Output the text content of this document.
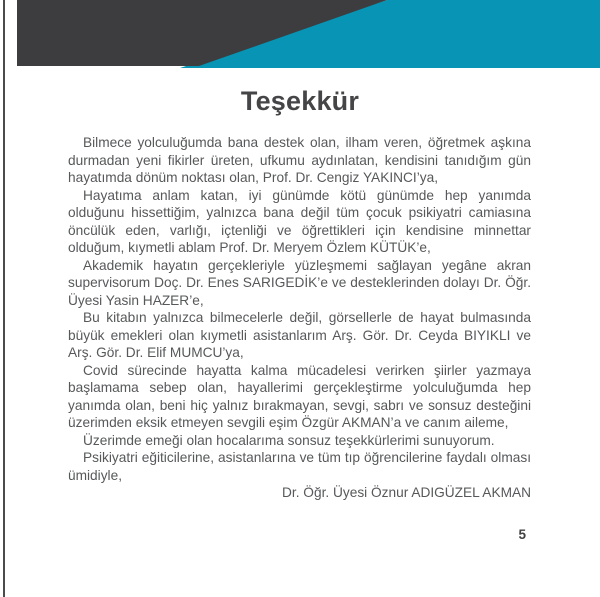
Teşekkür

Bilmece yolculuğumda bana destek olan, ilham veren, öğretmek aşkına durmadan yeni fikirler üreten, ufkumu aydınlatan, kendisini tanıdığım gün hayatımda dönüm noktası olan, Prof. Dr. Cengiz YAKINCI’ya,

Hayatıma anlam katan, iyi günümde kötü günümde hep yanımda olduğunu hissettiğim, yalnızca bana değil tüm çocuk psikiyatri camiasına öncülük eden, varlığı, içtenliği ve öğrettikleri için kendisine minnettar olduğum, kıymetli ablam Prof. Dr. Meryem Özlem KÜTÜK’e,

Akademik hayatın gerçekleriyle yüzleşmemi sağlayan yegâne akran supervisorum Doç. Dr. Enes SARIGEDİK’e ve desteklerinden dolayı Dr. Öğr. Üyesi Yasin HAZER’e,

Bu kitabın yalnızca bilmecelerle değil, görsellerle de hayat bulmasında büyük emekleri olan kıymetli asistanlarım Arş. Gör. Dr. Ceyda BIYIKLI ve Arş. Gör. Dr. Elif MUMCU’ya,

Covid sürecinde hayatta kalma mücadelesi verirken şiirler yazmaya başlamama sebep olan, hayallerimi gerçekleştirme yolculuğumda hep yanımda olan, beni hiç yalnız bırakmayan, sevgi, sabrı ve sonsuz desteğini üzerimden eksik etmeyen sevgili eşim Özgür AKMAN’a ve canım aileme,

Üzerimde emeği olan hocalarıma sonsuz teşekkürlerimi sunuyorum.

Psikiyatri eğiticilerine, asistanlarına ve tüm tıp öğrencilerine faydalı olması ümidiyle,

Dr. Öğr. Üyesi Öznur ADIGÜZEL AKMAN

5
